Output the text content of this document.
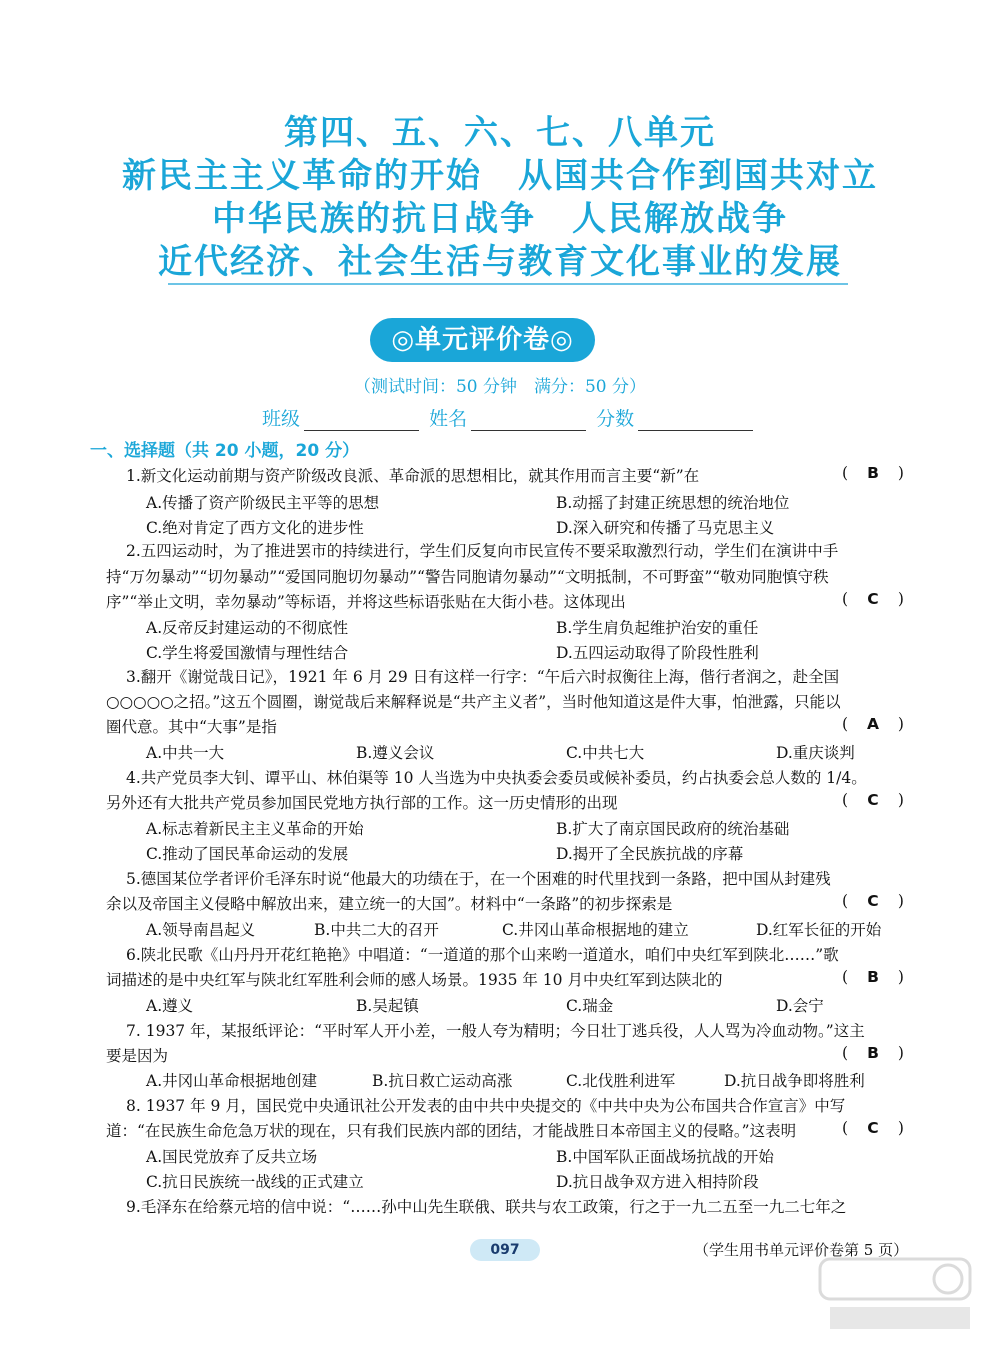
第四、五、六、七、八单元
新民主主义革命的开始　从国共合作到国共对立
中华民族的抗日战争　人民解放战争
近代经济、社会生活与教育文化事业的发展
◎单元评价卷◎
（测试时间：50 分钟　满分：50 分）
班级	姓名	分数
一、选择题（共 20 小题，20 分）
1.新文化运动前期与资产阶级改良派、革命派的思想相比，就其作用而言主要“新”在	( B )
A.传播了资产阶级民主平等的思想	B.动摇了封建正统思想的统治地位
C.绝对肯定了西方文化的进步性	D.深入研究和传播了马克思主义
2.五四运动时，为了推进罢市的持续进行，学生们反复向市民宣传不要采取激烈行动，学生们在演讲中手
持“万勿暴动”“切勿暴动”“爱国同胞切勿暴动”“警告同胞请勿暴动”“文明抵制，不可野蛮”“敬劝同胞慎守秩
序”“举止文明，幸勿暴动”等标语，并将这些标语张贴在大街小巷。这体现出	( C )
A.反帝反封建运动的不彻底性	B.学生肩负起维护治安的重任
C.学生将爱国激情与理性结合	D.五四运动取得了阶段性胜利
3.翻开《谢觉哉日记》，1921 年 6 月 29 日有这样一行字：“午后六时叔衡往上海，偕行者润之，赴全国
○○○○○之招。”这五个圆圈，谢觉哉后来解释说是“共产主义者”，当时他知道这是件大事，怕泄露，只能以
圈代意。其中“大事”是指	( A )
A.中共一大	B.遵义会议	C.中共七大	D.重庆谈判
4.共产党员李大钊、谭平山、林伯渠等 10 人当选为中央执委会委员或候补委员，约占执委会总人数的 1/4。
另外还有大批共产党员参加国民党地方执行部的工作。这一历史情形的出现	( C )
A.标志着新民主主义革命的开始	B.扩大了南京国民政府的统治基础
C.推动了国民革命运动的发展	D.揭开了全民族抗战的序幕
5.德国某位学者评价毛泽东时说“他最大的功绩在于，在一个困难的时代里找到一条路，把中国从封建残
余以及帝国主义侵略中解放出来，建立统一的大国”。材料中“一条路”的初步探索是	( C )
A.领导南昌起义	B.中共二大的召开	C.井冈山革命根据地的建立	D.红军长征的开始
6.陕北民歌《山丹丹开花红艳艳》中唱道：“一道道的那个山来哟一道道水，咱们中央红军到陕北……”歌
词描述的是中央红军与陕北红军胜利会师的感人场景。1935 年 10 月中央红军到达陕北的	( B )
A.遵义	B.吴起镇	C.瑞金	D.会宁
7. 1937 年，某报纸评论：“平时军人开小差，一般人夸为精明；今日壮丁逃兵役，人人骂为冷血动物。”这主
要是因为	( B )
A.井冈山革命根据地创建	B.抗日救亡运动高涨	C.北伐胜利进军	D.抗日战争即将胜利
8. 1937 年 9 月，国民党中央通讯社公开发表的由中共中央提交的《中共中央为公布国共合作宣言》中写
道：“在民族生命危急万状的现在，只有我们民族内部的团结，才能战胜日本帝国主义的侵略。”这表明	( C )
A.国民党放弃了反共立场	B.中国军队正面战场抗战的开始
C.抗日民族统一战线的正式建立	D.抗日战争双方进入相持阶段
9.毛泽东在给蔡元培的信中说：“……孙中山先生联俄、联共与农工政策，行之于一九二五至一九二七年之
097	（学生用书单元评价卷第 5 页）
